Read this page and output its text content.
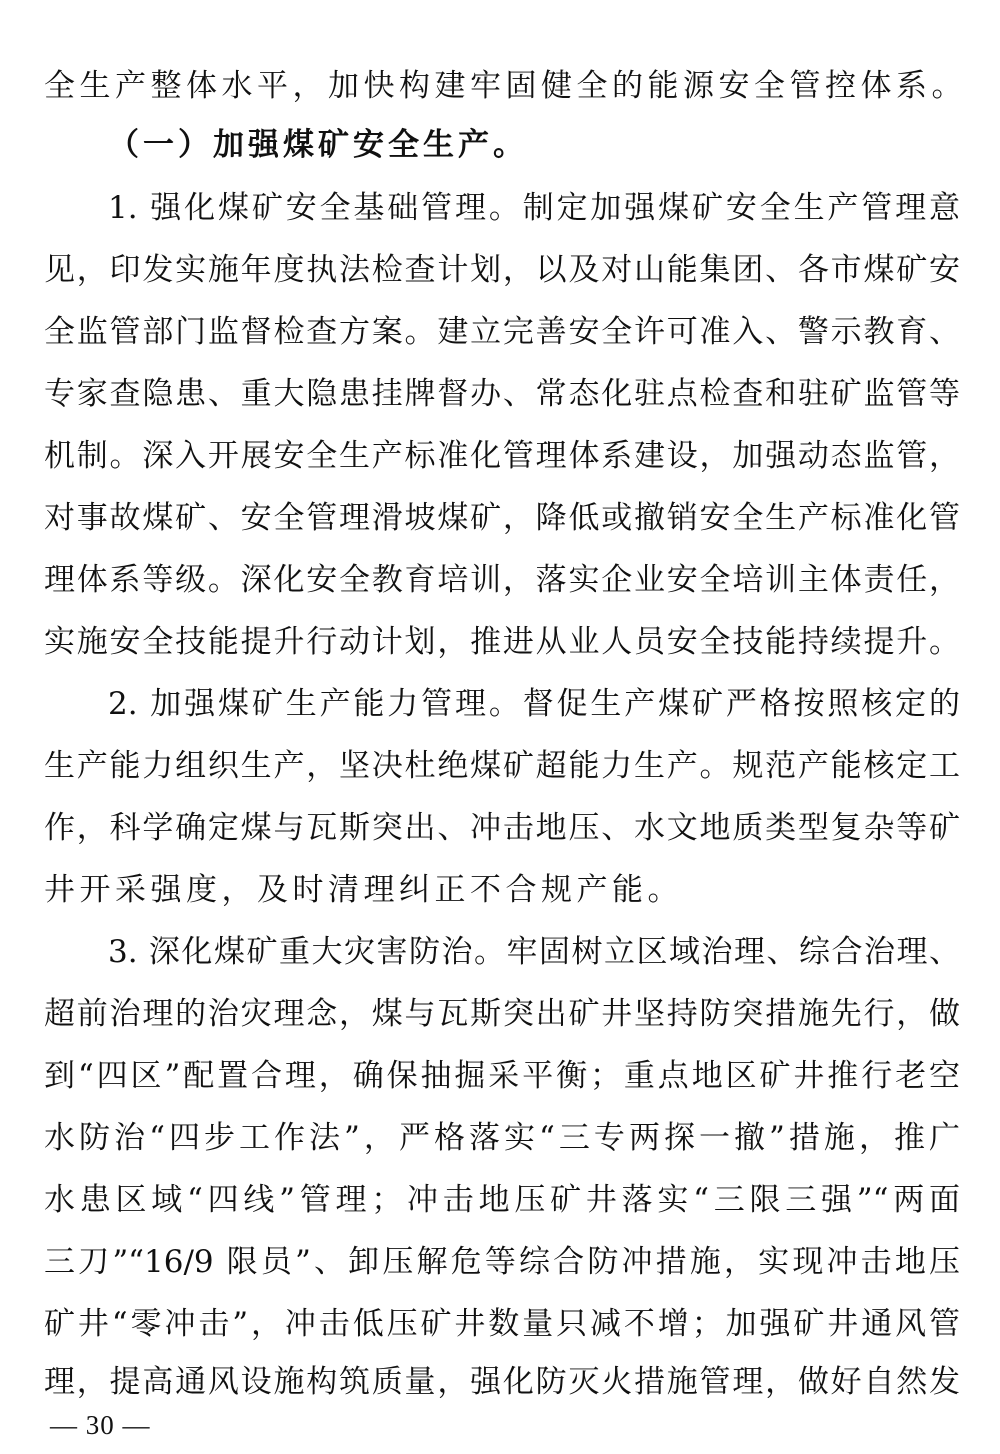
全生产整体水平，加快构建牢固健全的能源安全管控体系。
（一）加强煤矿安全生产。
1. 强化煤矿安全基础管理。制定加强煤矿安全生产管理意
见，印发实施年度执法检查计划，以及对山能集团、各市煤矿安
全监管部门监督检查方案。建立完善安全许可准入、警示教育、
专家查隐患、重大隐患挂牌督办、常态化驻点检查和驻矿监管等
机制。深入开展安全生产标准化管理体系建设，加强动态监管，
对事故煤矿、安全管理滑坡煤矿，降低或撤销安全生产标准化管
理体系等级。深化安全教育培训，落实企业安全培训主体责任，
实施安全技能提升行动计划，推进从业人员安全技能持续提升。
2. 加强煤矿生产能力管理。督促生产煤矿严格按照核定的
生产能力组织生产，坚决杜绝煤矿超能力生产。规范产能核定工
作，科学确定煤与瓦斯突出、冲击地压、水文地质类型复杂等矿
井开采强度，及时清理纠正不合规产能。
3. 深化煤矿重大灾害防治。牢固树立区域治理、综合治理、
超前治理的治灾理念，煤与瓦斯突出矿井坚持防突措施先行，做
到“四区”配置合理，确保抽掘采平衡；重点地区矿井推行老空
水防治“四步工作法”，严格落实“三专两探一撤”措施，推广
水患区域“四线”管理；冲击地压矿井落实“三限三强”“两面
三刀”“16/9 限员”、卸压解危等综合防冲措施，实现冲击地压
矿井“零冲击”，冲击低压矿井数量只减不增；加强矿井通风管
理，提高通风设施构筑质量，强化防灭火措施管理，做好自然发
— 30 —
